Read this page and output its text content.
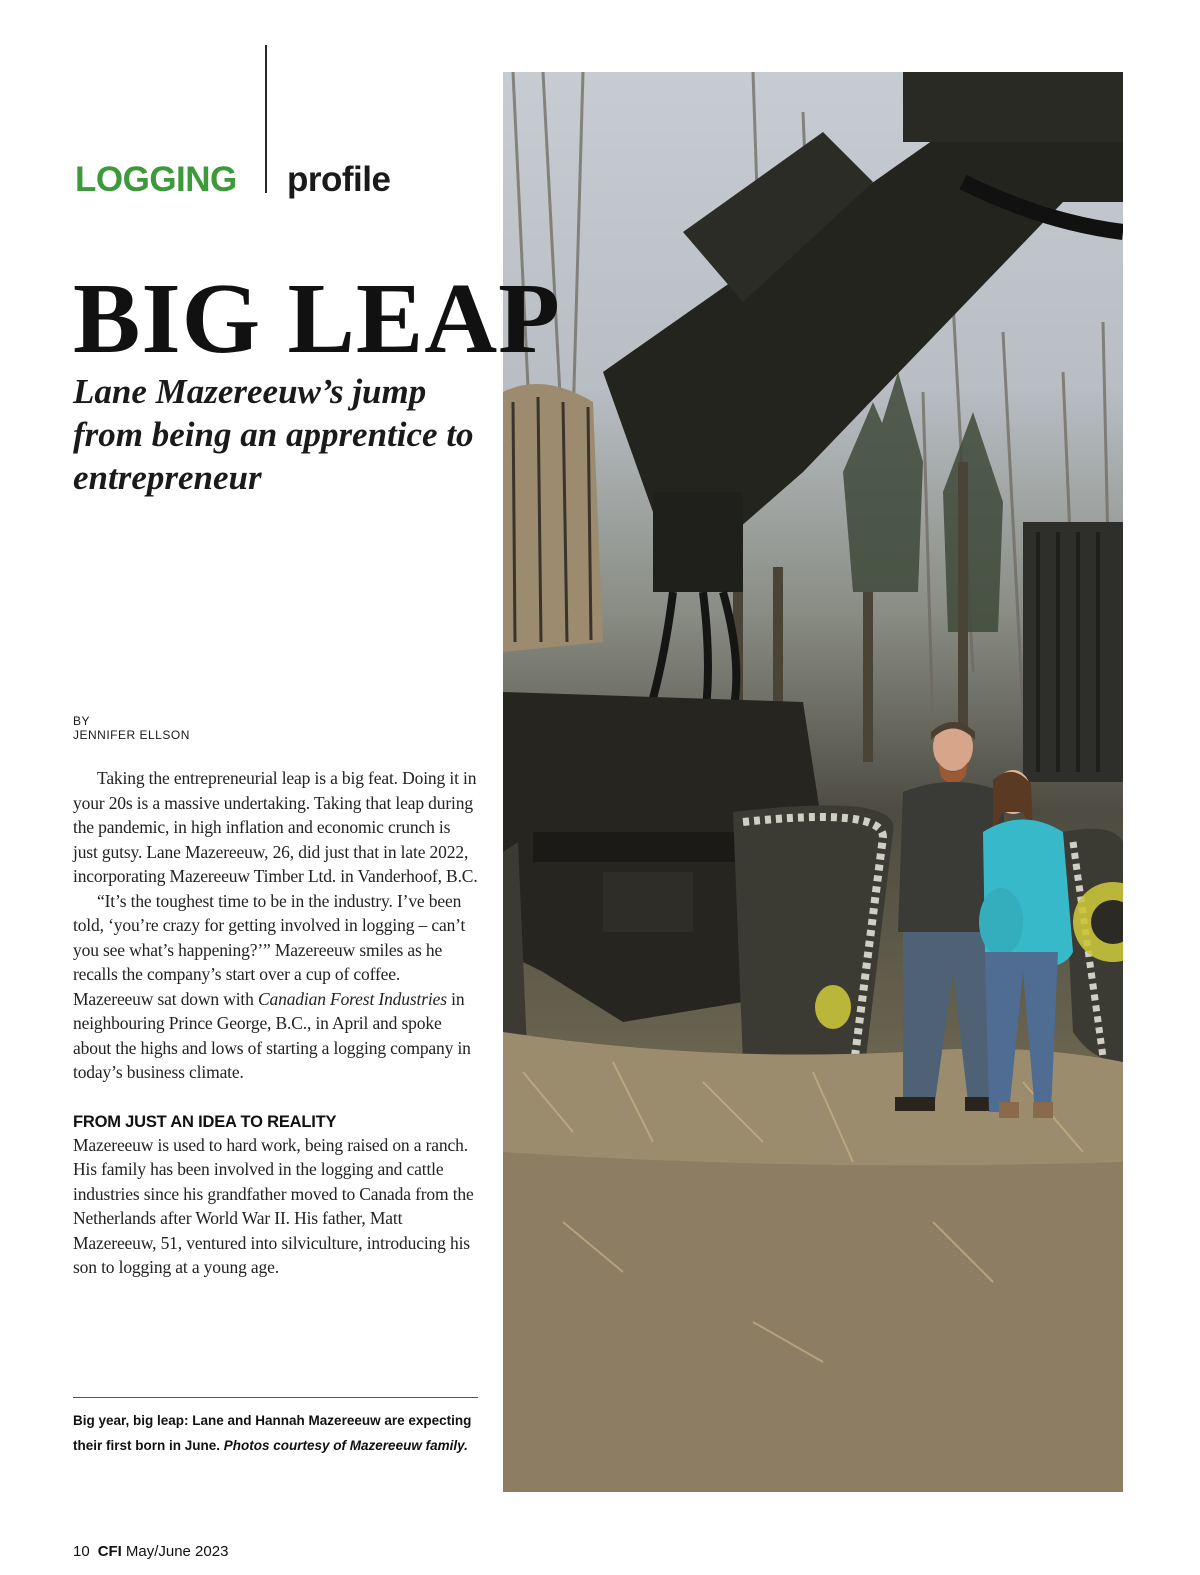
LOGGING profile
BIG LEAP
Lane Mazereeuw’s jump from being an apprentice to entrepreneur
BY
JENNIFER ELLSON

Taking the entrepreneurial leap is a big feat. Doing it in your 20s is a massive undertaking. Taking that leap during the pandemic, in high inflation and economic crunch is just gutsy. Lane Mazereeuw, 26, did just that in late 2022, incorporating Mazereeuw Timber Ltd. in Vanderhoof, B.C.

“It’s the toughest time to be in the industry. I’ve been told, ‘you’re crazy for getting involved in logging – can’t you see what’s happening?’” Mazereeuw smiles as he recalls the company’s start over a cup of coffee. Mazereeuw sat down with Canadian Forest Industries in neighbouring Prince George, B.C., in April and spoke about the highs and lows of starting a logging company in today’s business climate.

FROM JUST AN IDEA TO REALITY

Mazereeuw is used to hard work, being raised on a ranch. His family has been involved in the logging and cattle industries since his grandfather moved to Canada from the Netherlands after World War II. His father, Matt Mazereeuw, 51, ventured into silviculture, introducing his son to logging at a young age.

Big year, big leap: Lane and Hannah Mazereeuw are expecting their first born in June. Photos courtesy of Mazereeuw family.
10 CFI May/June 2023
